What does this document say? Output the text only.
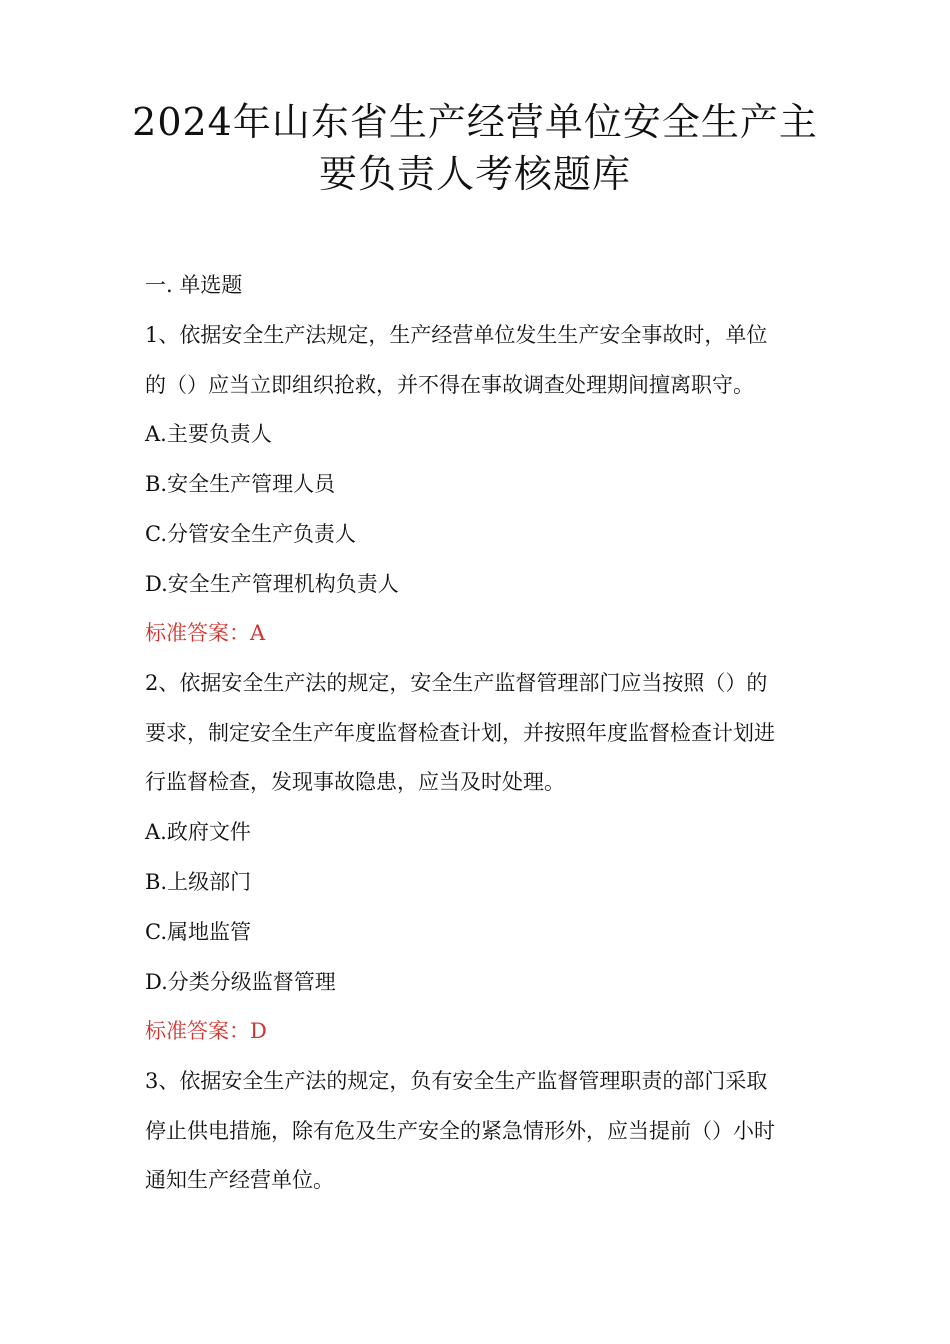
2024年山东省生产经营单位安全生产主
要负责人考核题库

一. 单选题

1、依据安全生产法规定，生产经营单位发生生产安全事故时，单位

的（）应当立即组织抢救，并不得在事故调查处理期间擅离职守。

A.主要负责人

B.安全生产管理人员

C.分管安全生产负责人

D.安全生产管理机构负责人

标准答案：A

2、依据安全生产法的规定，安全生产监督管理部门应当按照（）的

要求，制定安全生产年度监督检查计划，并按照年度监督检查计划进

行监督检查，发现事故隐患，应当及时处理。

A.政府文件

B.上级部门

C.属地监管

D.分类分级监督管理

标准答案：D

3、依据安全生产法的规定，负有安全生产监督管理职责的部门采取

停止供电措施，除有危及生产安全的紧急情形外，应当提前（）小时

通知生产经营单位。
